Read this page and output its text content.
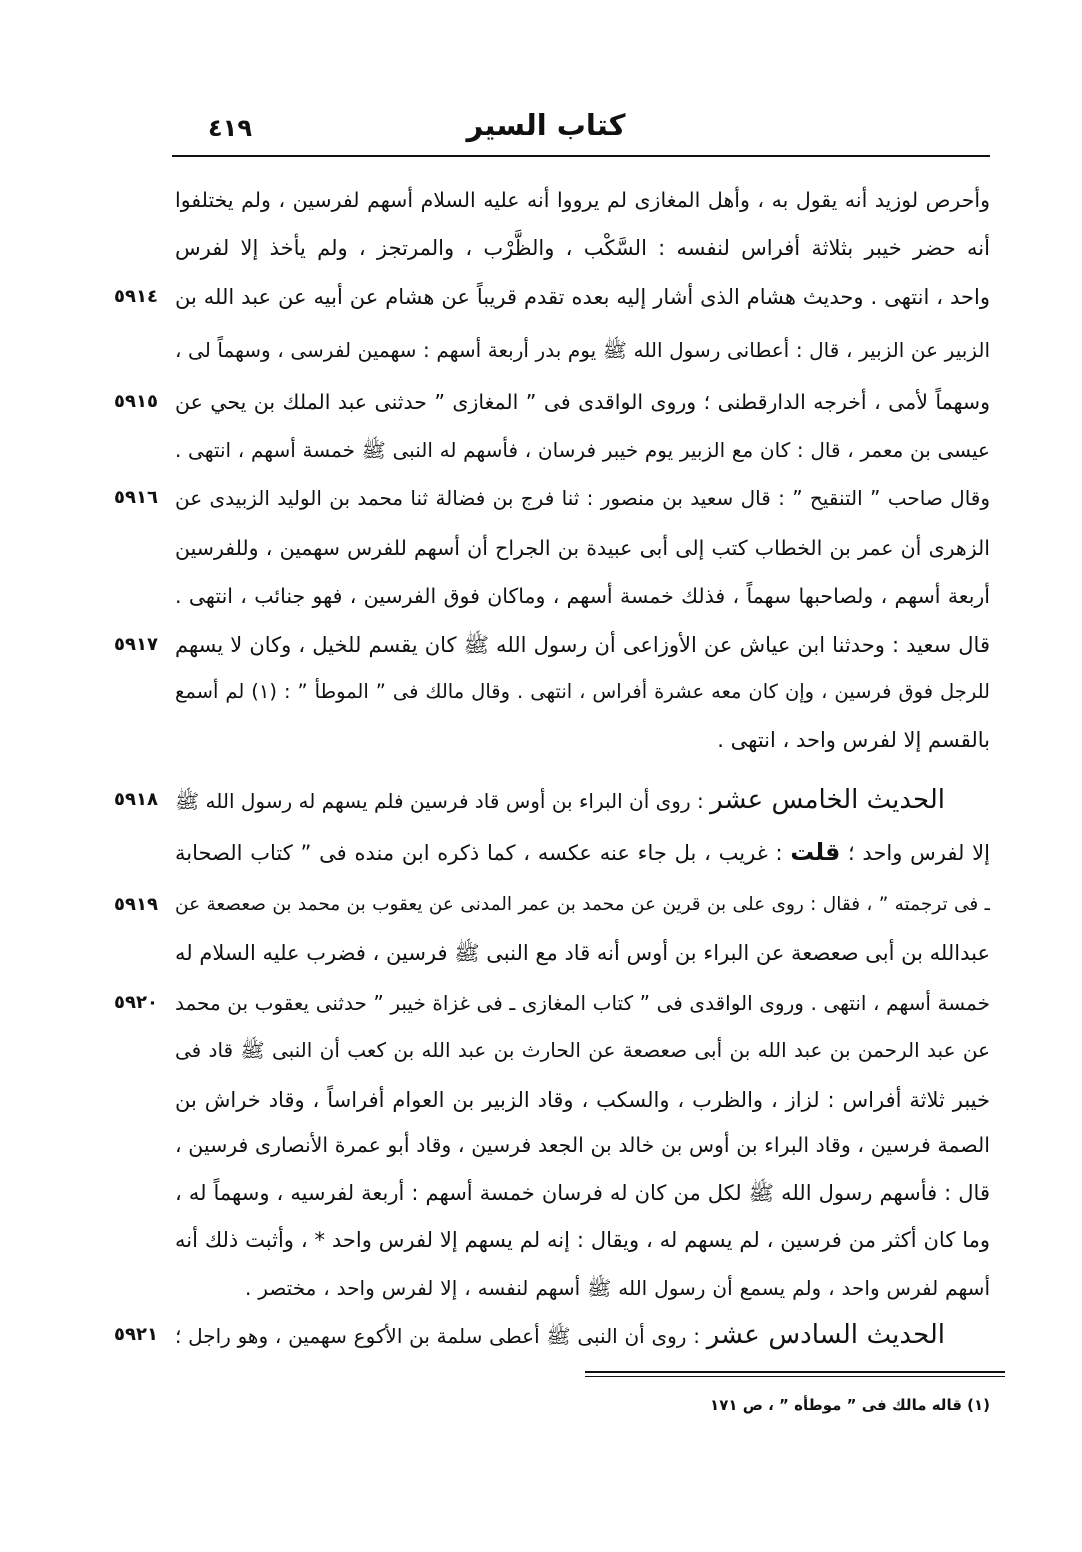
كتاب السير
٤١٩
وأحرص لوزيد أنه يقول به ، وأهل المغازى لم يرووا أنه عليه السلام أسهم لفرسين ، ولم يختلفوا
أنه حضر خيبر بثلاثة أفراس لنفسه : السَّكْب ، والظَّرْب ، والمرتجز ، ولم يأخذ إلا لفرس
واحد ، انتهى . وحديث هشام الذى أشار إليه بعده تقدم قريباً عن هشام عن أبيه عن عبد الله بن
٥٩١٤
الزبير عن الزبير ، قال : أعطانى رسول الله ﷺ يوم بدر أربعة أسهم : سهمين لفرسى ، وسهماً لى ،
وسهماً لأمى ، أخرجه الدارقطنى ؛ وروى الواقدى فى ” المغازى ” حدثنى عبد الملك بن يحي عن
٥٩١٥
عيسى بن معمر ، قال : كان مع الزبير يوم خيبر فرسان ، فأسهم له النبى ﷺ خمسة أسهم ، انتهى .
وقال صاحب ” التنقيح ” : قال سعيد بن منصور : ثنا فرج بن فضالة ثنا محمد بن الوليد الزبيدى عن
٥٩١٦
الزهرى أن عمر بن الخطاب كتب إلى أبى عبيدة بن الجراح أن أسهم للفرس سهمين ، وللفرسين
أربعة أسهم ، ولصاحبها سهماً ، فذلك خمسة أسهم ، وماكان فوق الفرسين ، فهو جنائب ، انتهى .
قال سعيد : وحدثنا ابن عياش عن الأوزاعى أن رسول الله ﷺ كان يقسم للخيل ، وكان لا يسهم
٥٩١٧
للرجل فوق فرسين ، وإن كان معه عشرة أفراس ، انتهى . وقال مالك فى ” الموطأ ” : (١) لم أسمع
بالقسم إلا لفرس واحد ، انتهى .
الحديث الخامس عشر : روى أن البراء بن أوس قاد فرسين فلم يسهم له رسول الله ﷺ
٥٩١٨
إلا لفرس واحد ؛ قلت : غريب ، بل جاء عنه عكسه ، كما ذكره ابن منده فى ” كتاب الصحابة
ـ فى ترجمته ” ، فقال : روى على بن قرين عن محمد بن عمر المدنى عن يعقوب بن محمد بن صعصعة عن
٥٩١٩
عبدالله بن أبى صعصعة عن البراء بن أوس أنه قاد مع النبى ﷺ فرسين ، فضرب عليه السلام له
خمسة أسهم ، انتهى . وروى الواقدى فى ” كتاب المغازى ـ فى غزاة خيبر ” حدثنى يعقوب بن محمد
٥٩٢٠
عن عبد الرحمن بن عبد الله بن أبى صعصعة عن الحارث بن عبد الله بن كعب أن النبى ﷺ قاد فى
خيبر ثلاثة أفراس : لزاز ، والظرب ، والسكب ، وقاد الزبير بن العوام أفراساً ، وقاد خراش بن
الصمة فرسين ، وقاد البراء بن أوس بن خالد بن الجعد فرسين ، وقاد أبو عمرة الأنصارى فرسين ،
قال : فأسهم رسول الله ﷺ لكل من كان له فرسان خمسة أسهم : أربعة لفرسيه ، وسهماً له ،
وما كان أكثر من فرسين ، لم يسهم له ، ويقال : إنه لم يسهم إلا لفرس واحد * ، وأثبت ذلك أنه
أسهم لفرس واحد ، ولم يسمع أن رسول الله ﷺ أسهم لنفسه ، إلا لفرس واحد ، مختصر .
الحديث السادس عشر : روى أن النبى ﷺ أعطى سلمة بن الأكوع سهمين ، وهو راجل ؛
٥٩٢١
(١) قاله مالك فى ” موطأه ” ، ص ١٧١
